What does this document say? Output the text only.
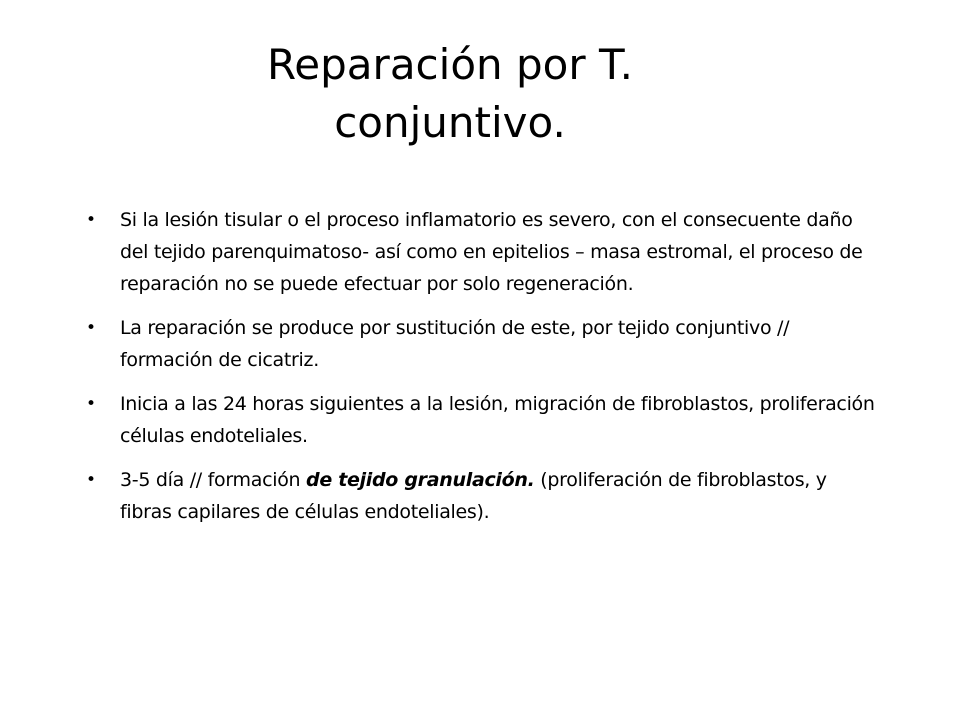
Reparación por T.
conjuntivo.
• Si la lesión tisular o el proceso inflamatorio es severo, con el consecuente daño del tejido parenquimatoso- así como en epitelios – masa estromal, el proceso de reparación no se puede efectuar por solo regeneración.
• La reparación se produce por sustitución de este, por tejido conjuntivo // formación de cicatriz.
• Inicia a las 24 horas siguientes a la lesión, migración de fibroblastos, proliferación células endoteliales.
• 3-5 día // formación de tejido granulación. (proliferación de fibroblastos, y fibras capilares de células endoteliales).
